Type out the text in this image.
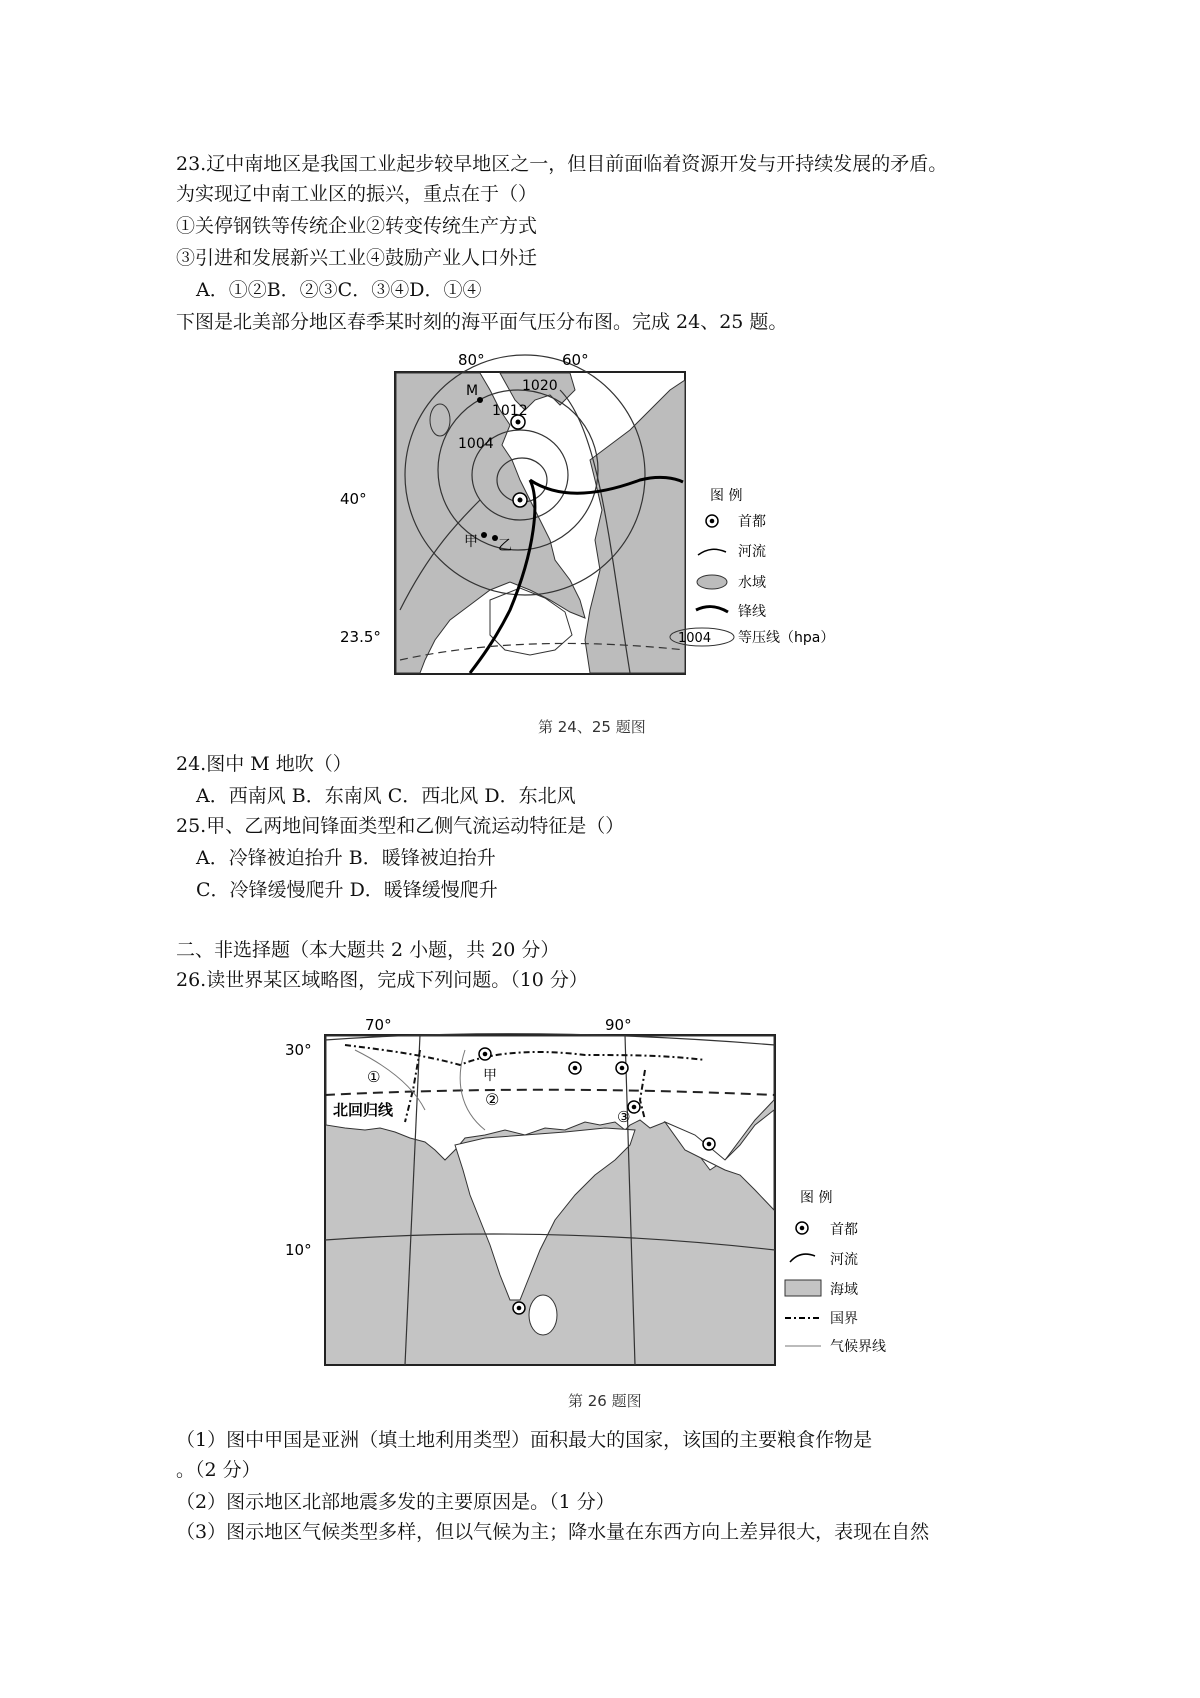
23.辽中南地区是我国工业起步较早地区之一，但目前面临着资源开发与开持续发展的矛盾。
为实现辽中南工业区的振兴，重点在于（）
①关停钢铁等传统企业②转变传统生产方式
③引进和发展新兴工业④鼓励产业人口外迁
A．①②B．②③C．③④D．①④
下图是北美部分地区春季某时刻的海平面气压分布图。完成 24、25 题。
80°	60°
40°
23.5°
1020
1012
1004
M
甲 乙
图 例
首都
河流
水域
锋线
1004 等压线（hpa）
第 24、25 题图
24.图中 M 地吹（）
A．西南风 B．东南风 C．西北风 D．东北风
25.甲、乙两地间锋面类型和乙侧气流运动特征是（）
A．冷锋被迫抬升 B．暖锋被迫抬升
C．冷锋缓慢爬升 D．暖锋缓慢爬升
二、非选择题（本大题共 2 小题，共 20 分）
26.读世界某区域略图，完成下列问题。（10 分）
70°	90°
30°
10°
北回归线
①
②
③
甲
图 例
首都
河流
海域
国界
气候界线
第 26 题图
（1）图中甲国是亚洲（填土地利用类型）面积最大的国家，该国的主要粮食作物是
。（2 分）
（2）图示地区北部地震多发的主要原因是。（1 分）
（3）图示地区气候类型多样，但以气候为主；降水量在东西方向上差异很大，表现在自然
